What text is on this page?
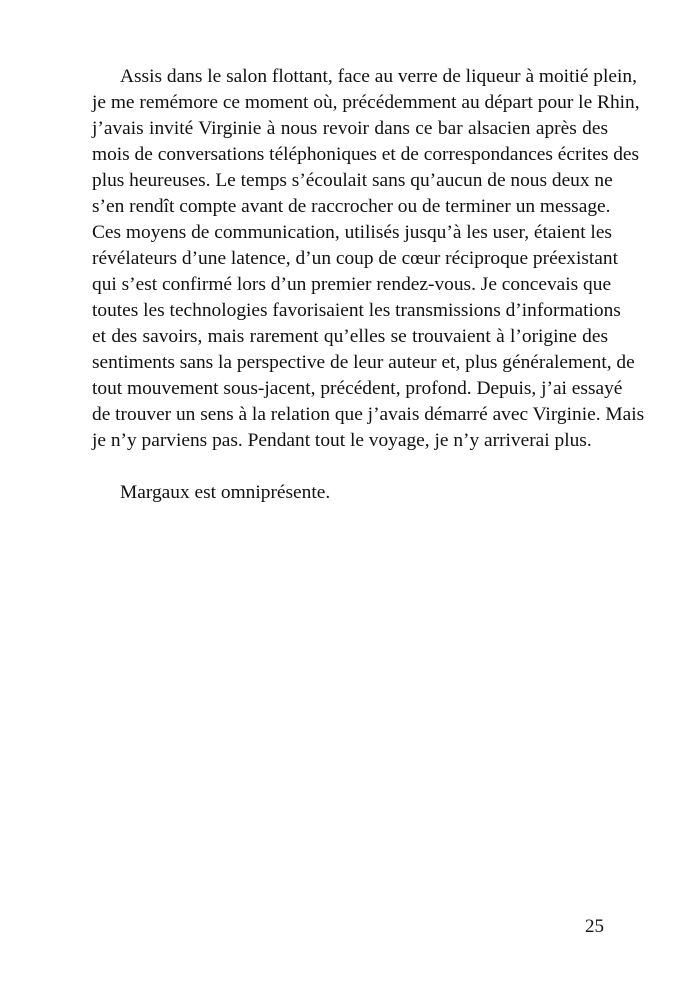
Assis dans le salon flottant, face au verre de liqueur à moitié plein,
je me remémore ce moment où, précédemment au départ pour le Rhin,
j’avais invité Virginie à nous revoir dans ce bar alsacien après des
mois de conversations téléphoniques et de correspondances écrites des
plus heureuses. Le temps s’écoulait sans qu’aucun de nous deux ne
s’en rendît compte avant de raccrocher ou de terminer un message.
Ces moyens de communication, utilisés jusqu’à les user, étaient les
révélateurs d’une latence, d’un coup de cœur réciproque préexistant
qui s’est confirmé lors d’un premier rendez-vous. Je concevais que
toutes les technologies favorisaient les transmissions d’informations
et des savoirs, mais rarement qu’elles se trouvaient à l’origine des
sentiments sans la perspective de leur auteur et, plus généralement, de
tout mouvement sous-jacent, précédent, profond. Depuis, j’ai essayé
de trouver un sens à la relation que j’avais démarré avec Virginie. Mais
je n’y parviens pas. Pendant tout le voyage, je n’y arriverai plus.
Margaux est omniprésente.
25
